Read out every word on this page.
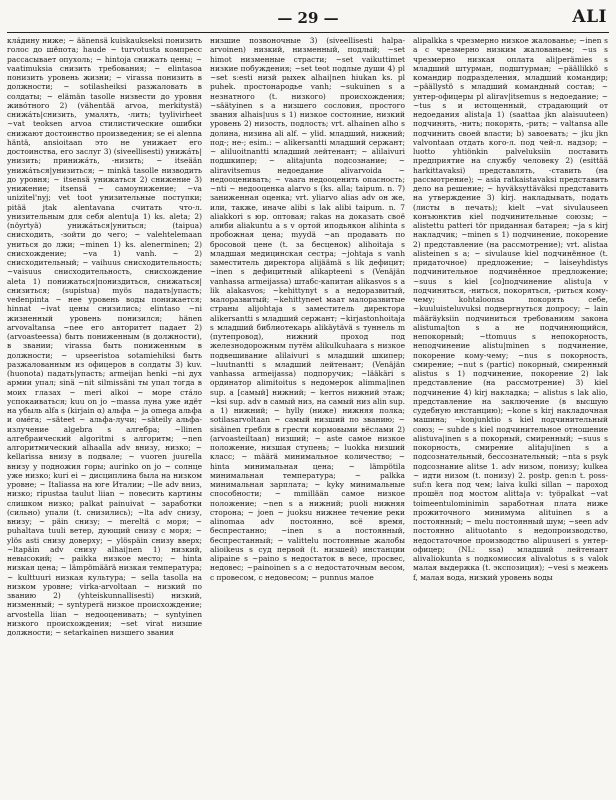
— 29 —	ALI

клáдину ниже; ~ äänensä kuiskaukseksi понизить голос до шёпота; haude ~ turvotusta компресс рассасывает опухоль; ~ hintoja снижать цены; ~ vaatimuksia снизить требования; ~ elintasoa понизить уровень жизни; ~ virassa понизить в должности; ~ sotilasheiksi разжаловать в солдаты; ~ elämän tasolle низвести до уровня живóтного 2) (vähentää arvoa, merkitystä) снижáть|снизить, умалять, -лить; tyylivirheet ~vat teoksen arvoa стилистические ошибки снижают достоинство произведения; se ei alenna häntä, ansioitaan это не унижает его достоинства, его заслуг 3) (siveellisesti) унижáть|унизить; принижáть, -низить; ~ itseään унижáться|унизиться; ~ minkä tasolle низводить до уровня; ~ itsensä унижаться 2) снижение 3) унижение; itsensä ~ самоунижение; ~va unizitel'nyj; vet toot унизительные поступки; pitää jtak alentavana считать что-л. унизительным для себя alentu|a 1) ks. aleta; 2) (nöyrtyä) унижáться|униться; (taipua) снисходить, -зойти до чего; ~ valehtelemaan униться до лжи; ~minen 1) ks. alenerminen; 2) снисхождение; ~va 1) vanh. ~ 2) снисходительный; ~ vaihuus снисходительность; ~vaisuus снисходительность, снисхождение aleta 1) понижаться|пониздиться, снижаться|снизиться; (supistua) myös падать|упасть; vedenpinta ~ нее уровень воды понижается; hinnat ~ivat цены снизились; elintaso ~ni жизненный уровень понизился; hänen arvovaltansa ~nee его авторитет падает 2) (arvoasteessa) быть пониженным (в должности), в звании; virassa быть пониженным в должности; ~ upseeristoa sotamiehiksi быть разжалованным из офицеров в солдаты 3) kuv. (huonota) падать|упасть; armeijan henki ~ni дух армии упал; sinä ~nit silmissäni ты упал тогда в моих глазах ~ meri alkoi ~ море стáло успокаиваться; kuu on jo ~massa луна уже идёт на убыль alfa s (kirjain α) альфа ~ ja omega альфа и омéга; ~säteet ~ альфа-лучи; ~säteily альфа-излучение algebra s алгебра; ~llinen алгебраический algoritmi s алгоритм; ~nen алгоритмический alhaalla adv внизу, низко; ~ kellarissa внизу в подвале; ~ vuoren juurella внизу у подножия горы; aurinko on jo ~ солнце уже низко; kuri ei ~ дисциплина была на низком уровне; ~ Italiassa на юге Италии; ~lle adv вниз, низко; ripustaa taulut liian ~ повесить картины слишком низко; palkat painuivat ~ заработки (сильно) упали (t. снизились); ~lta adv снизу, внизу; ~ päin снизу; ~ mereltä с моря; ~ puhaltava tuuli ветер, дующий снизу с моря; ~ ylös asti снизу доверху; ~ ylöspäin снизу вверх; ~ltapäin adv снизу alhai|nen 1) низкий, невысокий; ~ paikka низкое место; ~ hinta низкая цена; ~ lämpömäärä низкая температура; ~ kulttuuri низкая культура; ~ sella tasolla на низком уровне; virka-arvoltaan ~ низкий по званию 2) (yhteiskunnallisesti) низкий, низменный; ~ syntyperä низкое происхождение; arvostella liian ~ недооценивать; ~ syntyinen низкого происхождения; ~set virat низшие должности; ~ setarkainen низшего звания

низшие позвоночные 3) (siveellisesti halpa-arvoinen) низкий, низменный, подлый; ~set himot низменные страсти; ~set vaikuttimet низкие побуждения; ~set teot подлые души 4) pl ~set s:esti низй рыхек alhai|nen hiukan ks. pl puhek. простонародье vanh; ~sukuinen s a незнатного (t. низкого) происхождения; ~säätyinen s a низшего сословия, простого звания alhais|uus s 1) низкое состояние, низкий уровень 2) низость, подлость; vrt. alhainen alho s долина, низина ali alf. ~ ylid. младший, нижний; под-; не-; esim.: ~ alikersantti младший сержант; ~ aliluoitnantti младший лейтенант; ~ alilaivuri подшкипер; ~ alitajunta подсознание; ~ aliravitsemus недоедание alivarvoida ~ недооценивать; ~ vaara недооценить опасность; ~nti ~ недооценка alarvo s (ks. alla; taipum. n. 7) заниженная оценка; vrt. yliarvo alias adv он же, или, также, иначе alibi s lak alibi taipum. n. 7 aliakkori s юр. оптовая; rakas на доказать своё алиби aliakuntu a s v ортой иподьякон alihinta s пробожная цена; myydä ~an продавать по бросовой цене (t. за бесценок) alihoitaja s младшая медицинская сестра; ~johtaja s vanh заместитель директора alijäämä s lik дефицит; ~inen s дефицитный alikapteeni s (Venäjän vanhassa armeijassa) штабс-капитан alikasvos s a lik alakasvos; ~kehittynyt s a недоразвитый, малоразвитый; ~kehittyneet маат малоразвитые страны alijohtaja s заместитель директора alikersantti s младший сержант; ~kirjastonhoitaja s младший библиотекарь alikäytävä s туннель m (путепровод), нижний проход под железнодорожным путём alikulkuhaara s низкое подвешивание alilaivuri s младший шкипер; ~luutnantti s младший лейтенант; (Venäjän vanhassa armeijassa) подпоручик; ~lääkäri s ординатор alimitoitus s недомерок alimma|inen sup. a [самый] нижний; ~ kerros нижний этаж; ~ksi sup. adv в самый низ, на самый низ alin sup. a 1) нижний; ~ hylly (ниже) нижняя полка; sotilasarvoltaan ~ самый низший по званию; ~ sisäinen гребля в грести кормовыми вёслами 2) (arvoasteiltaan) низший; ~ aste самое низкое положение, низшая ступень; ~ luokka низший класс; ~ määrä минимальное количество; ~ hinta минимальная цена; ~ lämpötila минимальная температура; ~ palkka минимальная зарплата; ~ kyky минимальные способности; ~ mmillään самое низкое положение; ~nen s a нижний; puoli нижняя сторона; ~ joen ~ juoksu нижнее течение реки alinomaa adv постоянно, всё время, беспрестанно; ~inen s a постоянный, беспрестанный; ~ valittelu постоянные жалобы alioikeus s суд первой (t. низшей) инстанции alipaine s ~paino s недостаток в весе, просвес, недовес; ~painoinen s a с недостаточным весом, с провесом, с недовесом; ~ punnus малое

alipalkka s чрезмерно низкое жалованье; ~inen s a с чрезмерно низким жалованьем; ~us s чрезмерно низкая оплата ali|perämies s младший штурман, подштурман; ~päällikkö s командир подразделения, младший командир; ~päällystö s младший командный состав; ~ унтер-офицеры pl alirav|itsemus s недоедание; ~ ~tus s и истощенный, страдающий от недоедания alista|a 1) (saattaa jkn alaisuuteen) подчинять, -нить; покорять, -рить; ~ valtansa alle подчинить своей власти; b) завоевать; ~ jku jkn valvontaan отдать кого-л. под чей-л. надзор; ~ luotto yhtiönkin palveluksiin поставить предприятие на службу человеку 2) (esittää harkittavaksi) представлять, -ставить (на рассмотрение); ~ asia ratkaistavaksi представить дело на решение; ~ hyväksyttäväksi представить на утверждение 3) kirj. накладывать, подать (листы в печать); kielt ~vat sivulauseen конъюнктив кiel подчинительные союзы; ~ alistettu patteri tör пpидaннaя батарея; ~ja s kirj накладчик; ~minen s 1) подчинение, покорение 2) представление (на рассмотрение); vrt. alistaa alisteinen s a; ~ sivulause kiel подчинённое (t. придаточное) предложение; ~ laiseyhdistys подчинительное подчинённое предложение; ~suus s kiel [со]подчинение alistu|a v подчиняться, -ниться, покоряться, -риться кому-чему; kohtaloonsa покорять себе, ~kuuluisteluvuksi подвергнуться допросу; ~ lain määräyksiin подчиниться требованиям закона alistuma|ton s a не подчиняющийся, непокорный; ~ttomuus s непокорность, неподчинение alistu|minen s подчинение, покорение кому-чему; ~nus s покорность, смирение; ~nut s (partic) покорный, смиренный alistus s 1) подчинение, покорение 2) lak представление (на рассмотрение) 3) kiel подчинение 4) kirj накладка; ~ alistus s lak alio, представление на заключение (в высшую судебную инстанцию); ~kone s kirj накладочная машина; ~konjunktio s kiel подчинительный союз; ~ suhde s kiel подчинительное отношение alistuva|inen s a покорный, смиренный; ~suus s покорность, смирение alitaju|inen s a подсознательный, бессознательный; ~nta s psyk подсознание alitse 1. adv низом, понизу; kulkea ~ идти низом (t. понизу) 2. postp. gen:n t. poss-suf:n kera под чем; laiva kulki sillan ~ пароход прошёл под мостом alitta|a v: työpalkat ~vat toimeentulominimin заработная плата ниже прожиточного минимума alituinen s a постоянный; ~ melu постоянный шум; ~seen adv постоянно alituotanto s недопроизводство, недостаточное производство alipuuseri s унтер-офицер; (NL: ssa) младший лейтенант alivaliokunta s подкомиссия alivalotus s s valok малая выдержка (t. экспозиция); ~vesi s межень f, малая вода, низкий уровень воды
